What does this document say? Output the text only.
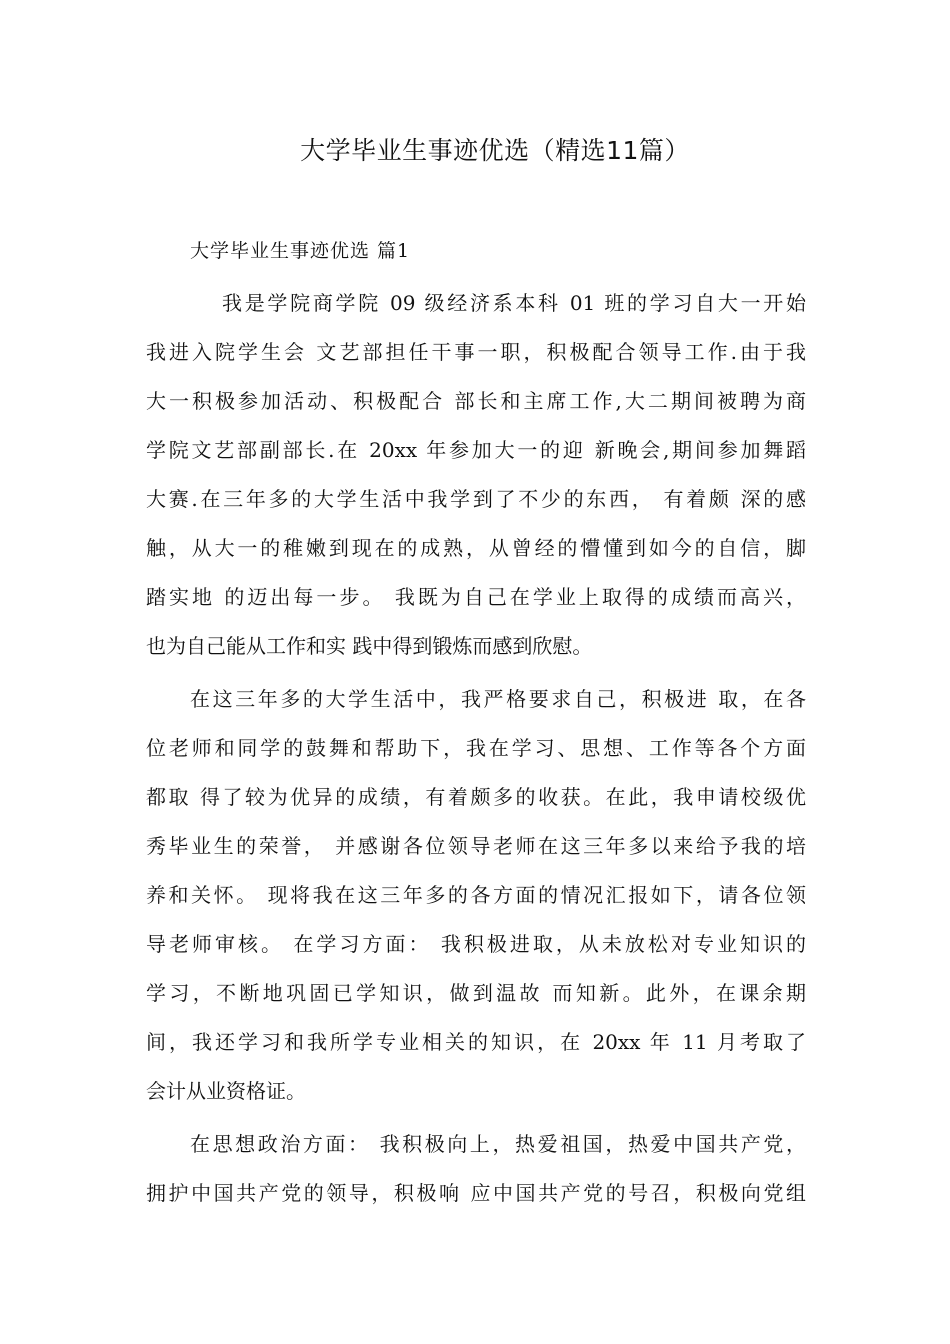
大学毕业生事迹优选（精选11篇）
大学毕业生事迹优选 篇1
我是学院商学院 09 级经济系本科 01 班的学习自大一开始
我进入院学生会 文艺部担任干事一职，积极配合领导工作.由于我
大一积极参加活动、积极配合 部长和主席工作,大二期间被聘为商
学院文艺部副部长.在 20xx 年参加大一的迎 新晚会,期间参加舞蹈
大赛.在三年多的大学生活中我学到了不少的东西， 有着颇 深的感
触，从大一的稚嫩到现在的成熟，从曾经的懵懂到如今的自信，脚
踏实地 的迈出每一步。 我既为自己在学业上取得的成绩而高兴，
也为自己能从工作和实 践中得到锻炼而感到欣慰。
在这三年多的大学生活中，我严格要求自己，积极进 取，在各
位老师和同学的鼓舞和帮助下，我在学习、思想、工作等各个方面
都取 得了较为优异的成绩，有着颇多的收获。在此，我申请校级优
秀毕业生的荣誉， 并感谢各位领导老师在这三年多以来给予我的培
养和关怀。 现将我在这三年多的各方面的情况汇报如下，请各位领
导老师审核。 在学习方面： 我积极进取，从未放松对专业知识的
学习，不断地巩固已学知识，做到温故 而知新。此外，在课余期
间，我还学习和我所学专业相关的知识，在 20xx 年 11 月考取了
会计从业资格证。
在思想政治方面： 我积极向上，热爱祖国，热爱中国共产党，
拥护中国共产党的领导，积极响 应中国共产党的号召，积极向党组
